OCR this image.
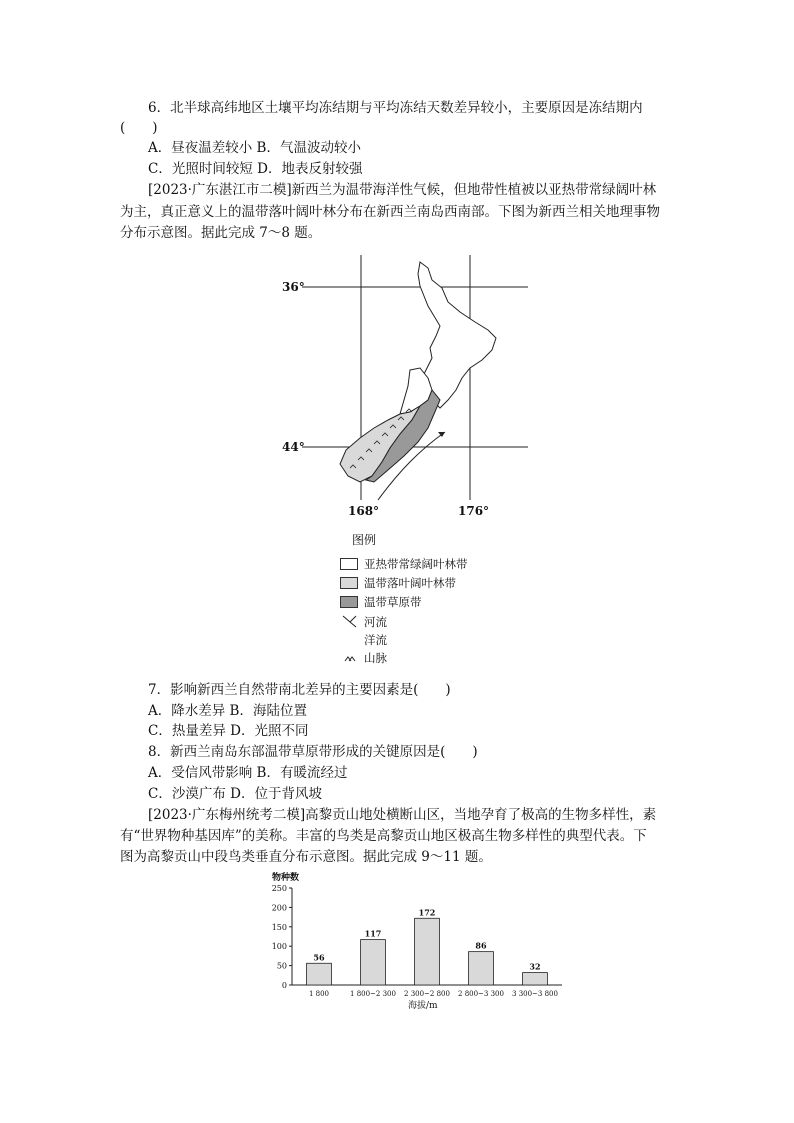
6．北半球高纬地区土壤平均冻结期与平均冻结天数差异较小，主要原因是冻结期内
(　　)
A．昼夜温差较小 B．气温波动较小
C．光照时间较短 D．地表反射较强
[2023·广东湛江市二模]新西兰为温带海洋性气候，但地带性植被以亚热带常绿阔叶林
为主，真正意义上的温带落叶阔叶林分布在新西兰南岛西南部。下图为新西兰相关地理事物
分布示意图。据此完成 7～8 题。
36°
44°
168°	176°
图例
亚热带常绿阔叶林带
温带落叶阔叶林带
温带草原带
河流
洋流
山脉
7．影响新西兰自然带南北差异的主要因素是(　　)
A．降水差异 B．海陆位置
C．热量差异 D．光照不同
8．新西兰南岛东部温带草原带形成的关键原因是(　　)
A．受信风带影响 B．有暖流经过
C．沙漠广布 D．位于背风坡
[2023·广东梅州统考二模]高黎贡山地处横断山区，当地孕育了极高的生物多样性，素
有“世界物种基因库”的美称。丰富的鸟类是高黎贡山地区极高生物多样性的典型代表。下
图为高黎贡山中段鸟类垂直分布示意图。据此完成 9～11 题。
物种数
0
50
100
150
200
250
56
1 800
117
1 800~2 300
172
2 300~2 800
86
2 800~3 300
32
3 300~3 800
海拔/m
